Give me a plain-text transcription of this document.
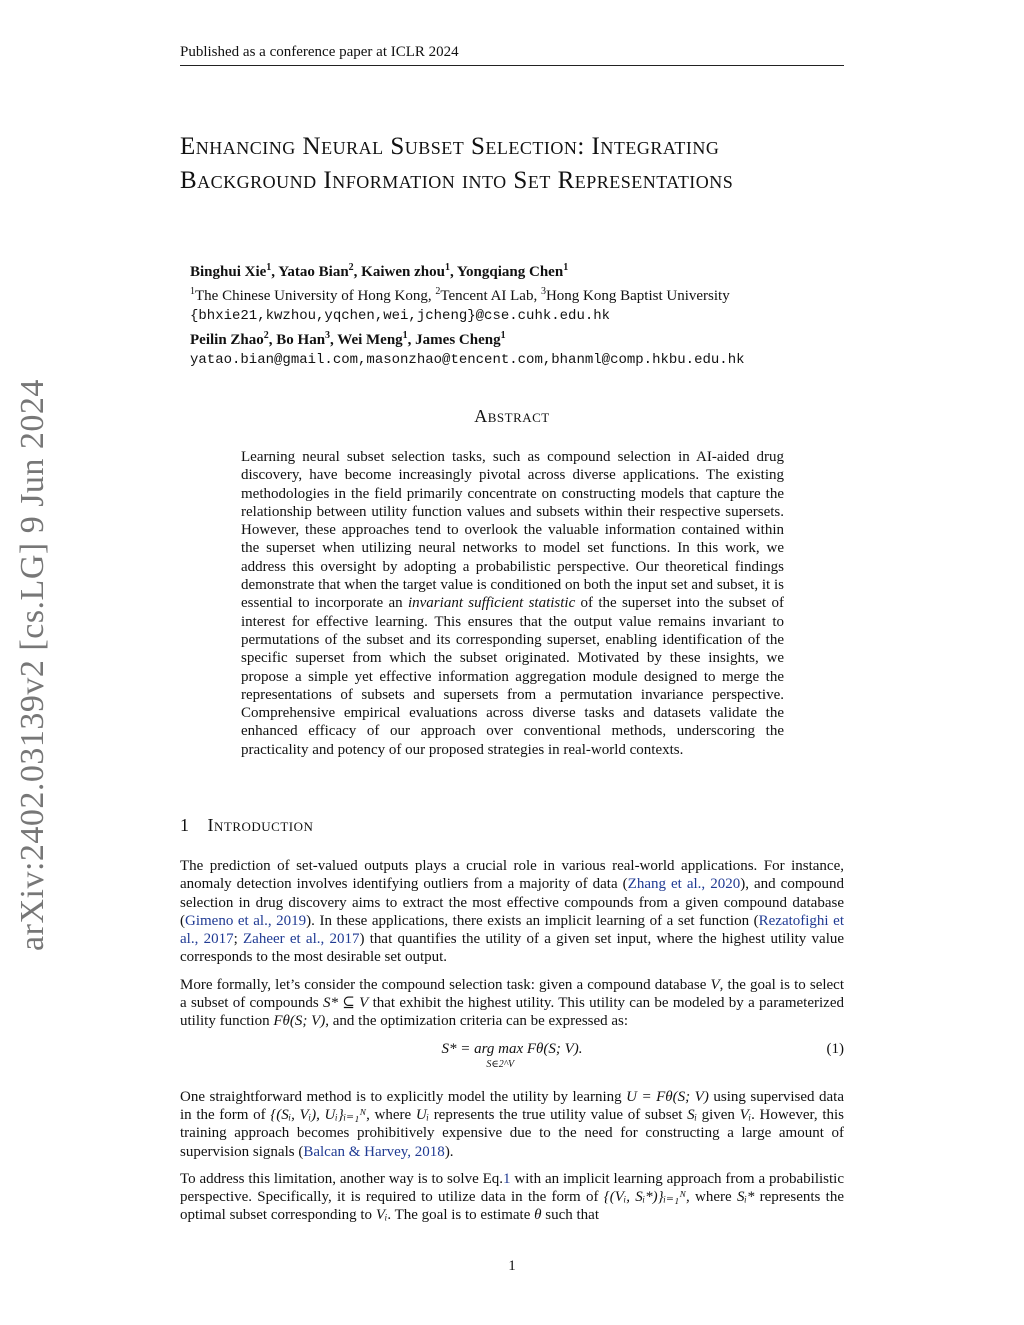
Published as a conference paper at ICLR 2024
arXiv:2402.03139v2 [cs.LG] 9 Jun 2024
Enhancing Neural Subset Selection: Integrating Background Information into Set Representations
Binghui Xie$^1$, Yatao Bian$^2$, Kaiwen zhou$^1$, Yongqiang Chen$^1$
$^1$The Chinese University of Hong Kong, $^2$Tencent AI Lab, $^3$Hong Kong Baptist University
{bhxie21,kwzhou,yqchen,wei,jcheng}@cse.cuhk.edu.hk
Peilin Zhao$^2$, Bo Han$^3$, Wei Meng$^1$, James Cheng$^1$
yatao.bian@gmail.com,masonzhao@tencent.com,bhanml@comp.hkbu.edu.hk
Abstract
Learning neural subset selection tasks, such as compound selection in AI-aided drug discovery, have become increasingly pivotal across diverse applications. The existing methodologies in the field primarily concentrate on constructing models that capture the relationship between utility function values and subsets within their respective supersets. However, these approaches tend to overlook the valuable information contained within the superset when utilizing neural networks to model set functions. In this work, we address this oversight by adopting a probabilistic perspective. Our theoretical findings demonstrate that when the target value is conditioned on both the input set and subset, it is essential to incorporate an invariant sufficient statistic of the superset into the subset of interest for effective learning. This ensures that the output value remains invariant to permutations of the subset and its corresponding superset, enabling identification of the specific superset from which the subset originated. Motivated by these insights, we propose a simple yet effective information aggregation module designed to merge the representations of subsets and supersets from a permutation invariance perspective. Comprehensive empirical evaluations across diverse tasks and datasets validate the enhanced efficacy of our approach over conventional methods, underscoring the practicality and potency of our proposed strategies in real-world contexts.
1 Introduction

The prediction of set-valued outputs plays a crucial role in various real-world applications. For instance, anomaly detection involves identifying outliers from a majority of data (Zhang et al., 2020), and compound selection in drug discovery aims to extract the most effective compounds from a given compound database (Gimeno et al., 2019). In these applications, there exists an implicit learning of a set function (Rezatofighi et al., 2017; Zaheer et al., 2017) that quantifies the utility of a given set input, where the highest utility value corresponds to the most desirable set output.

More formally, let’s consider the compound selection task: given a compound database V, the goal is to select a subset of compounds S* ⊆ V that exhibit the highest utility. This utility can be modeled by a parameterized utility function Fθ(S; V), and the optimization criteria can be expressed as:

S* = arg max
S∈2^V
Fθ(S; V).	(1)

One straightforward method is to explicitly model the utility by learning U = Fθ(S; V) using supervised data in the form of {(Sᵢ, Vᵢ), Uᵢ}ᵢ₌₁ᴺ, where Uᵢ represents the true utility value of subset Sᵢ given Vᵢ. However, this training approach becomes prohibitively expensive due to the need for constructing a large amount of supervision signals (Balcan & Harvey, 2018).

To address this limitation, another way is to solve Eq.1 with an implicit learning approach from a probabilistic perspective. Specifically, it is required to utilize data in the form of {(Vᵢ, Sᵢ*)}ᵢ₌₁ᴺ, where Sᵢ* represents the optimal subset corresponding to Vᵢ. The goal is to estimate θ such that

1
